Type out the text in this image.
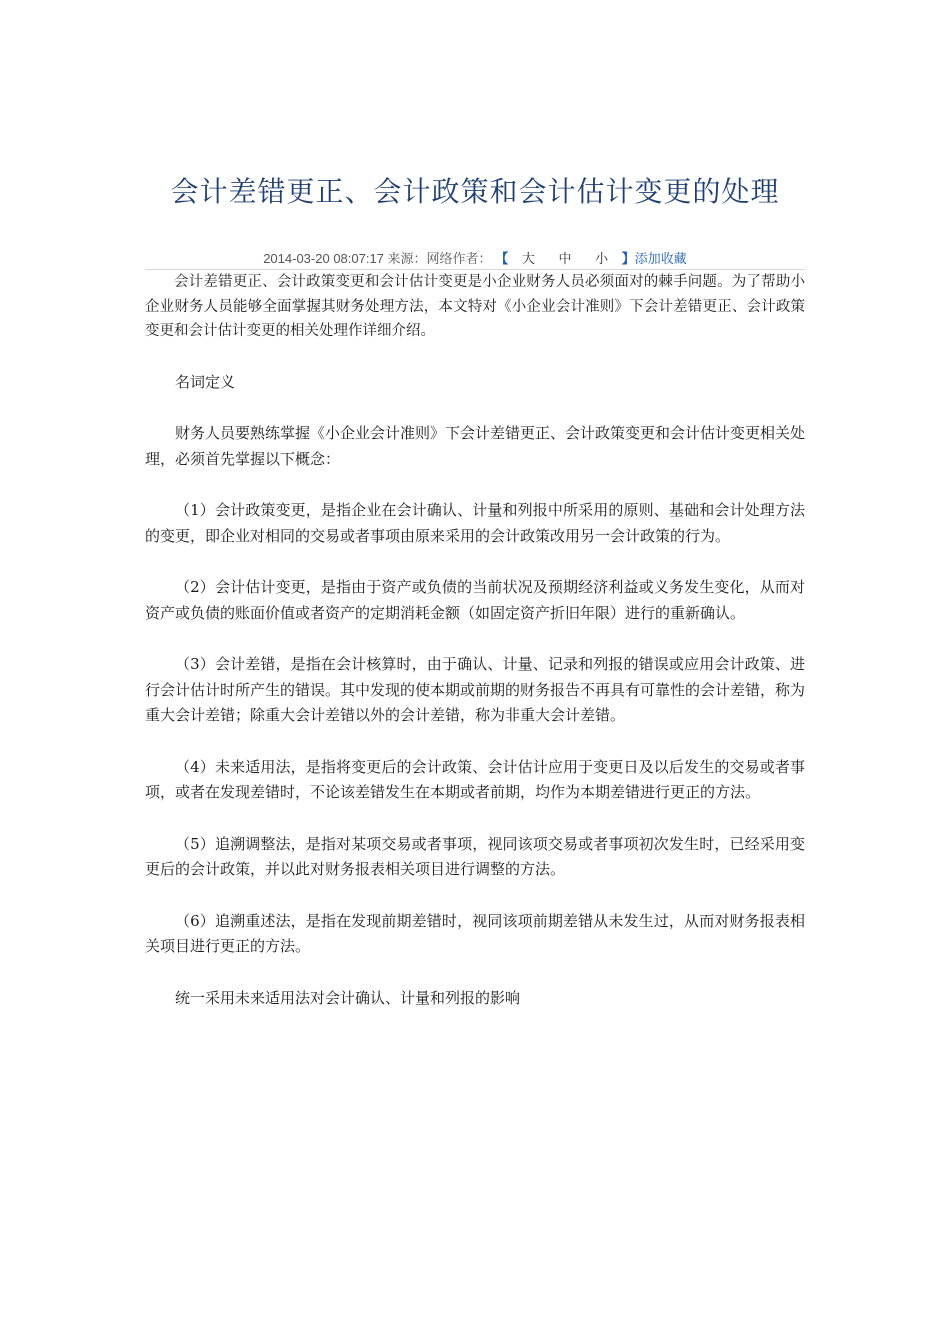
会计差错更正、会计政策和会计估计变更的处理
2014-03-20 08:07:17 来源：网络作者： 【 大 中 小 】添加收藏

会计差错更正、会计政策变更和会计估计变更是小企业财务人员必须面对的棘手问题。为了帮助小企业财务人员能够全面掌握其财务处理方法，本文特对《小企业会计准则》下会计差错更正、会计政策变更和会计估计变更的相关处理作详细介绍。

名词定义

财务人员要熟练掌握《小企业会计准则》下会计差错更正、会计政策变更和会计估计变更相关处理，必须首先掌握以下概念：

（1）会计政策变更，是指企业在会计确认、计量和列报中所采用的原则、基础和会计处理方法的变更，即企业对相同的交易或者事项由原来采用的会计政策改用另一会计政策的行为。

（2）会计估计变更，是指由于资产或负债的当前状况及预期经济利益或义务发生变化，从而对资产或负债的账面价值或者资产的定期消耗金额（如固定资产折旧年限）进行的重新确认。

（3）会计差错，是指在会计核算时，由于确认、计量、记录和列报的错误或应用会计政策、进行会计估计时所产生的错误。其中发现的使本期或前期的财务报告不再具有可靠性的会计差错，称为重大会计差错；除重大会计差错以外的会计差错，称为非重大会计差错。

（4）未来适用法，是指将变更后的会计政策、会计估计应用于变更日及以后发生的交易或者事项，或者在发现差错时，不论该差错发生在本期或者前期，均作为本期差错进行更正的方法。

（5）追溯调整法，是指对某项交易或者事项，视同该项交易或者事项初次发生时，已经采用变更后的会计政策，并以此对财务报表相关项目进行调整的方法。

（6）追溯重述法，是指在发现前期差错时，视同该项前期差错从未发生过，从而对财务报表相关项目进行更正的方法。

统一采用未来适用法对会计确认、计量和列报的影响
